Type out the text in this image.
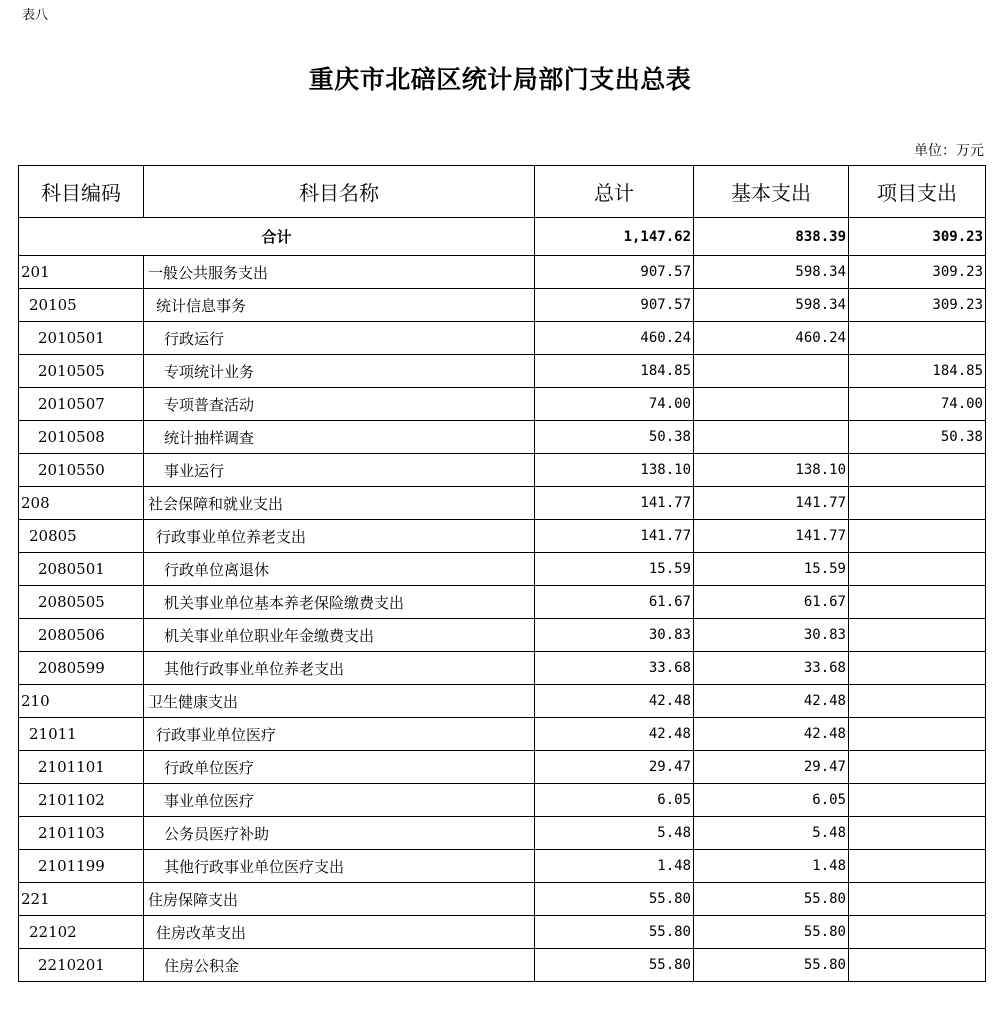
表八
重庆市北碚区统计局部门支出总表
单位：万元
科目编码	科目名称	总计	基本支出	项目支出
合计		1,147.62	838.39	309.23
201	一般公共服务支出	907.57	598.34	309.23
20105	统计信息事务	907.57	598.34	309.23
2010501	行政运行	460.24	460.24	
2010505	专项统计业务	184.85		184.85
2010507	专项普查活动	74.00		74.00
2010508	统计抽样调查	50.38		50.38
2010550	事业运行	138.10	138.10	
208	社会保障和就业支出	141.77	141.77	
20805	行政事业单位养老支出	141.77	141.77	
2080501	行政单位离退休	15.59	15.59	
2080505	机关事业单位基本养老保险缴费支出	61.67	61.67	
2080506	机关事业单位职业年金缴费支出	30.83	30.83	
2080599	其他行政事业单位养老支出	33.68	33.68	
210	卫生健康支出	42.48	42.48	
21011	行政事业单位医疗	42.48	42.48	
2101101	行政单位医疗	29.47	29.47	
2101102	事业单位医疗	6.05	6.05	
2101103	公务员医疗补助	5.48	5.48	
2101199	其他行政事业单位医疗支出	1.48	1.48	
221	住房保障支出	55.80	55.80	
22102	住房改革支出	55.80	55.80	
2210201	住房公积金	55.80	55.80	
